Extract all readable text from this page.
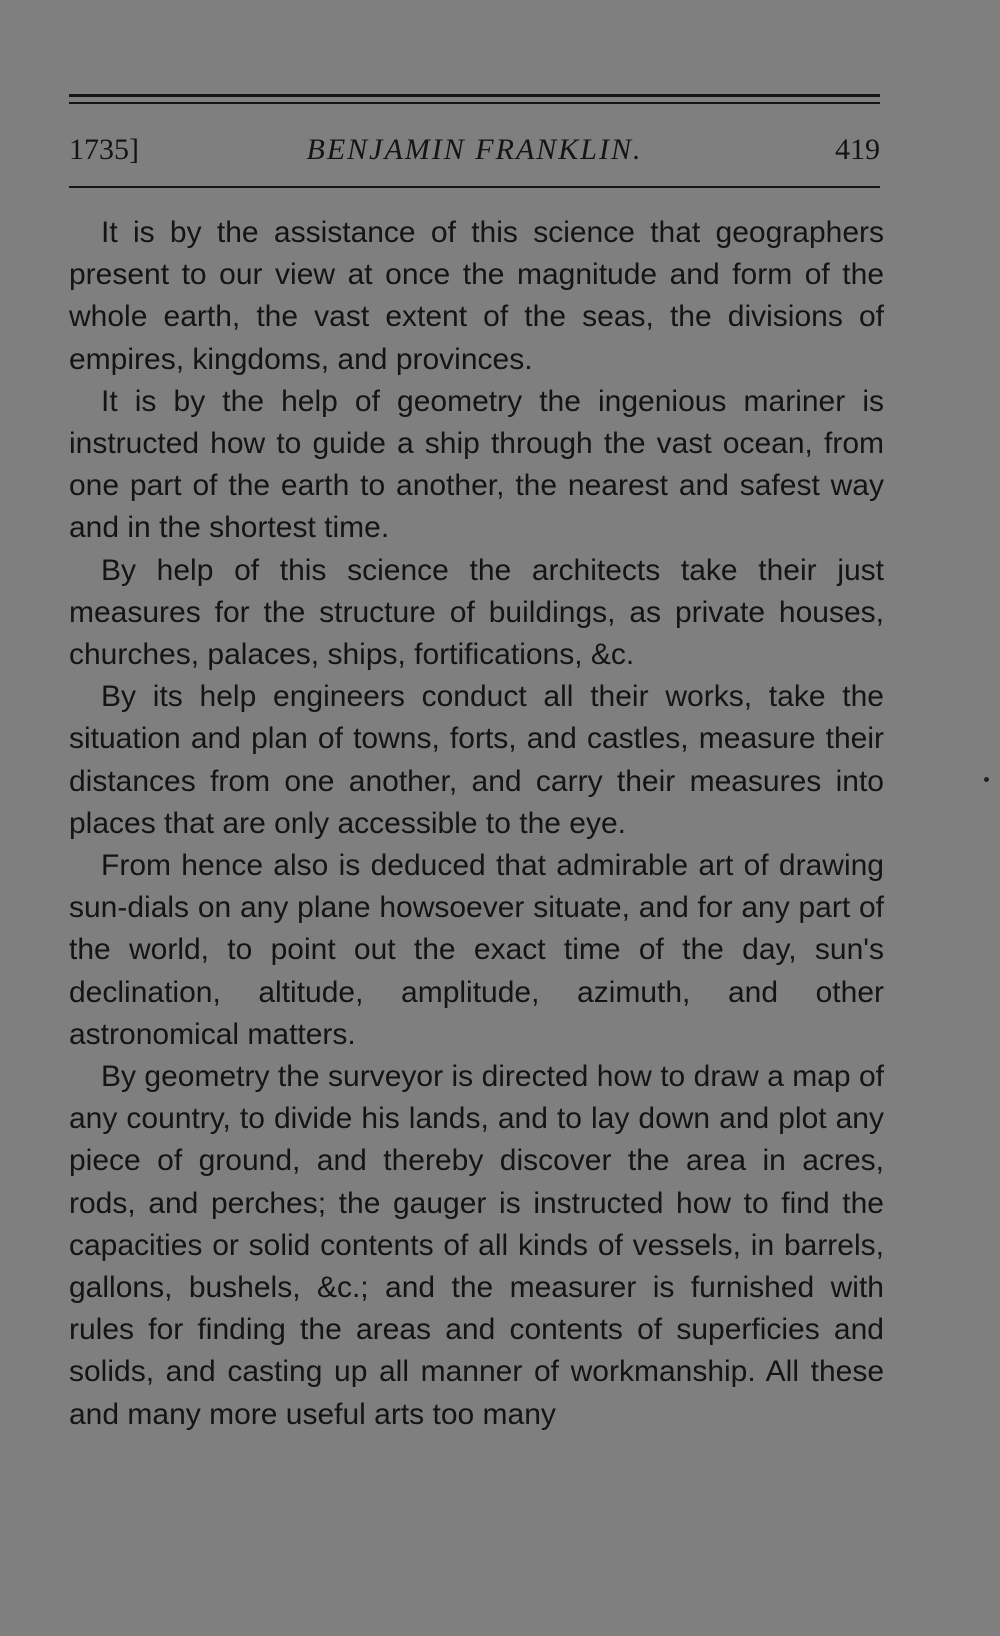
1735]	BENJAMIN FRANKLIN.	419

It is by the assistance of this science that geographers present to our view at once the magnitude and form of the whole earth, the vast extent of the seas, the divisions of empires, kingdoms, and provinces.

It is by the help of geometry the ingenious mariner is instructed how to guide a ship through the vast ocean, from one part of the earth to another, the nearest and safest way and in the shortest time.

By help of this science the architects take their just measures for the structure of buildings, as private houses, churches, palaces, ships, fortifications, &c.

By its help engineers conduct all their works, take the situation and plan of towns, forts, and castles, measure their distances from one another, and carry their measures into places that are only accessible to the eye.

From hence also is deduced that admirable art of drawing sun-dials on any plane howsoever situate, and for any part of the world, to point out the exact time of the day, sun's declination, altitude, amplitude, azimuth, and other astronomical matters.

By geometry the surveyor is directed how to draw a map of any country, to divide his lands, and to lay down and plot any piece of ground, and thereby discover the area in acres, rods, and perches; the gauger is instructed how to find the capacities or solid contents of all kinds of vessels, in barrels, gallons, bushels, &c.; and the measurer is furnished with rules for finding the areas and contents of superficies and solids, and casting up all manner of workmanship. All these and many more useful arts too many
